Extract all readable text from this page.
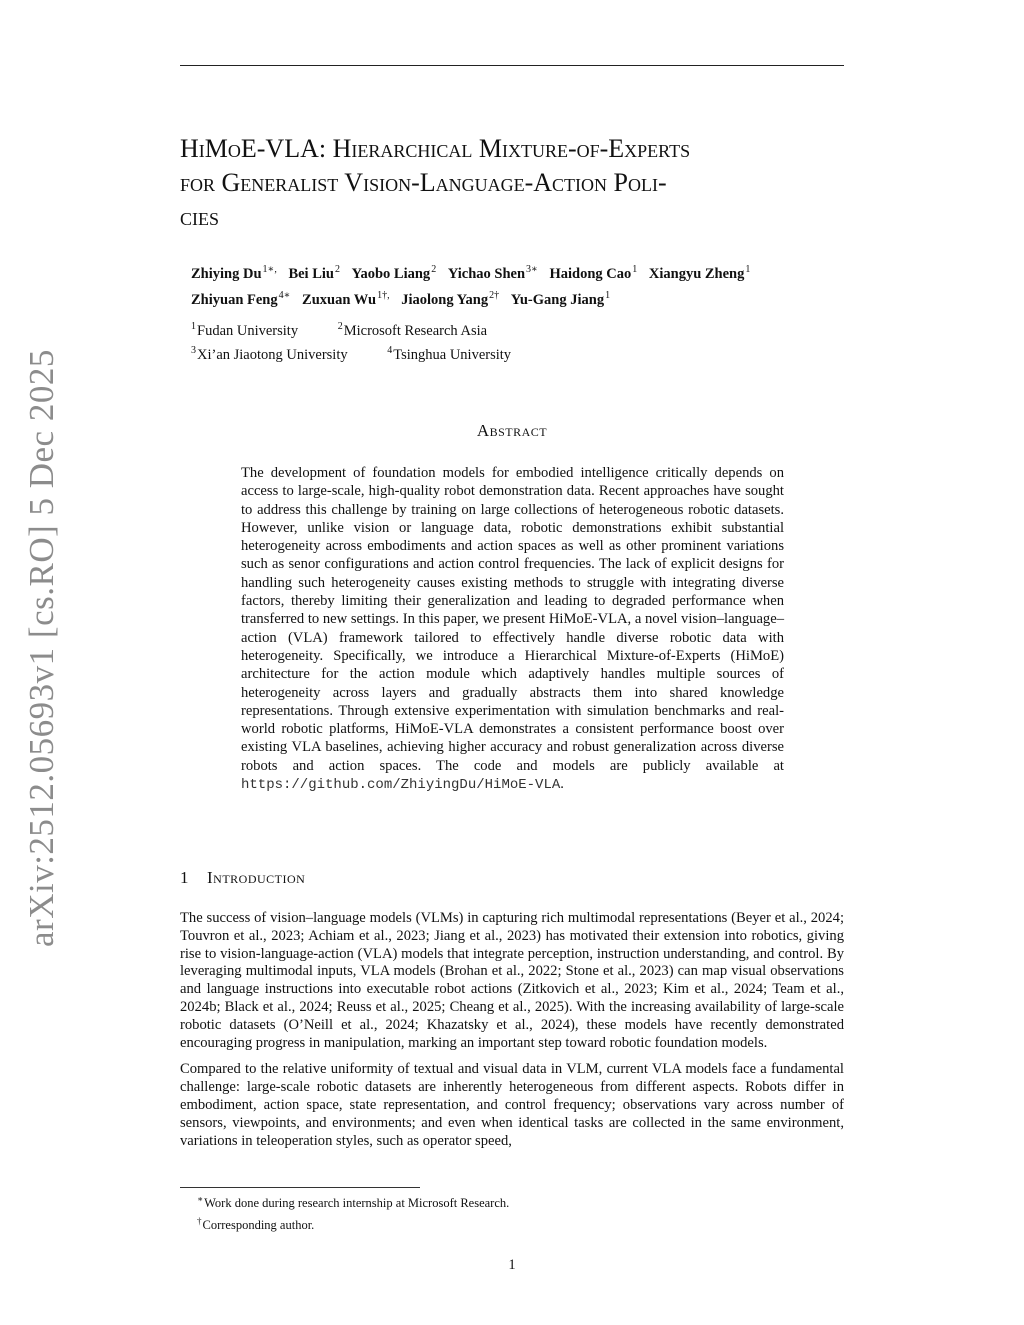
arXiv:2512.05693v1 [cs.RO] 5 Dec 2025
HiMoE-VLA: Hierarchical Mixture-of-Experts
for Generalist Vision-Language-Action Poli-
cies
Zhiying $Du^{1∗,}$ Bei Liu$^2$ Yaobo Liang$^2$ Yichao Shen$^{3∗}$ Haidong Cao$^1$ Xiangyu Zheng$^1$ Zhiyuan Feng$^{4∗}$ Zuxuan $Wu^{1\dagger,}$ Jiaolong Yang$^{2\dagger}$ Yu-Gang Jiang$^1$
$^1$Fudan University	$^2$Microsoft Research Asia
$^3$Xi’an Jiaotong University	$^4$Tsinghua University
Abstract

The development of foundation models for embodied intelligence critically depends on access to large-scale, high-quality robot demonstration data. Recent approaches have sought to address this challenge by training on large collections of heterogeneous robotic datasets. However, unlike vision or language data, robotic demonstrations exhibit substantial heterogeneity across embodiments and action spaces as well as other prominent variations such as senor configurations and action control frequencies. The lack of explicit designs for handling such heterogeneity causes existing methods to struggle with integrating diverse factors, thereby limiting their generalization and leading to degraded performance when transferred to new settings. In this paper, we present HiMoE-VLA, a novel vision–language–action (VLA) framework tailored to effectively handle diverse robotic data with heterogeneity. Specifically, we introduce a Hierarchical Mixture-of-Experts (HiMoE) architecture for the action module which adaptively handles multiple sources of heterogeneity across layers and gradually abstracts them into shared knowledge representations. Through extensive experimentation with simulation benchmarks and real-world robotic platforms, HiMoE-VLA demonstrates a consistent performance boost over existing VLA baselines, achieving higher accuracy and robust generalization across diverse robots and action spaces. The code and models are publicly available at https://github.com/ZhiyingDu/HiMoE-VLA.

1 Introduction

The success of vision–language models (VLMs) in capturing rich multimodal representations (Beyer et al., 2024; Touvron et al., 2023; Achiam et al., 2023; Jiang et al., 2023) has motivated their extension into robotics, giving rise to vision-language-action (VLA) models that integrate perception, instruction understanding, and control. By leveraging multimodal inputs, VLA models (Brohan et al., 2022; Stone et al., 2023) can map visual observations and language instructions into executable robot actions (Zitkovich et al., 2023; Kim et al., 2024; Team et al., 2024b; Black et al., 2024; Reuss et al., 2025; Cheang et al., 2025). With the increasing availability of large-scale robotic datasets (O’Neill et al., 2024; Khazatsky et al., 2024), these models have recently demonstrated encouraging progress in manipulation, marking an important step toward robotic foundation models.

Compared to the relative uniformity of textual and visual data in VLM, current VLA models face a fundamental challenge: large-scale robotic datasets are inherently heterogeneous from different aspects. Robots differ in embodiment, action space, state representation, and control frequency; observations vary across number of sensors, viewpoints, and environments; and even when identical tasks are collected in the same environment, variations in teleoperation styles, such as operator speed,

∗Work done during research internship at Microsoft Research.
†Corresponding author.
1
